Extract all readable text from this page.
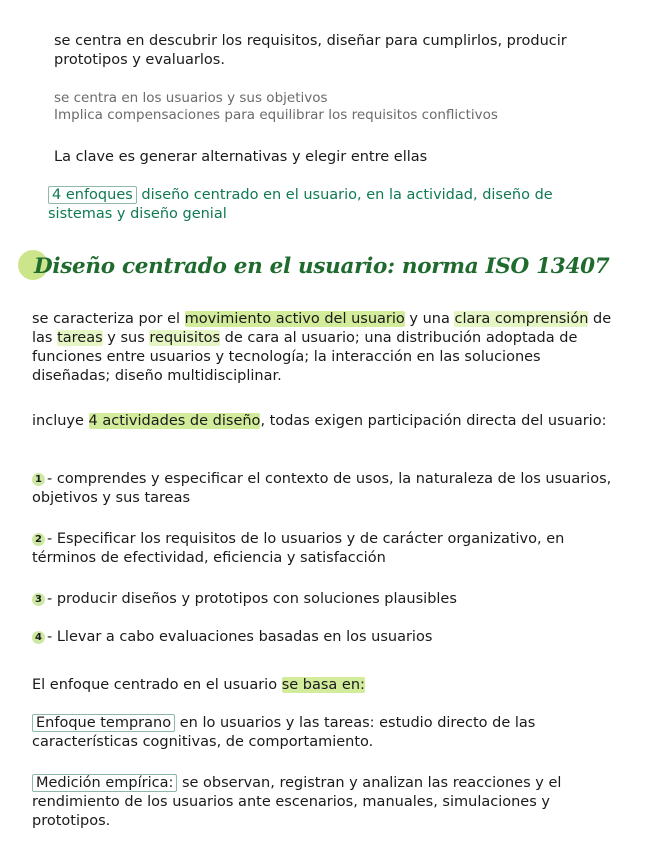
se centra en descubrir los requisitos, diseñar para cumplirlos, producir prototipos y evaluarlos.

se centra en los usuarios y sus objetivos

Implica compensaciones para equilibrar los requisitos conflictivos

La clave es generar alternativas y elegir entre ellas

4 enfoques diseño centrado en el usuario, en la actividad, diseño de sistemas y diseño genial

Diseño centrado en el usuario: norma ISO 13407

se caracteriza por el movimiento activo del usuario y una clara comprensión de las tareas y sus requisitos de cara al usuario; una distribución adoptada de funciones entre usuarios y tecnología; la interacción en las soluciones diseñadas; diseño multidisciplinar.

incluye 4 actividades de diseño, todas exigen participación directa del usuario:

1 - comprendes y especificar el contexto de usos, la naturaleza de los usuarios, objetivos y sus tareas

2 - Especificar los requisitos de lo usuarios y de carácter organizativo, en términos de efectividad, eficiencia y satisfacción

3 - producir diseños y prototipos con soluciones plausibles

4 - Llevar a cabo evaluaciones basadas en los usuarios

El enfoque centrado en el usuario se basa en:

Enfoque temprano en lo usuarios y las tareas: estudio directo de las características cognitivas, de comportamiento.

Medición empírica: se observan, registran y analizan las reacciones y el rendimiento de los usuarios ante escenarios, manuales, simulaciones y prototipos.
